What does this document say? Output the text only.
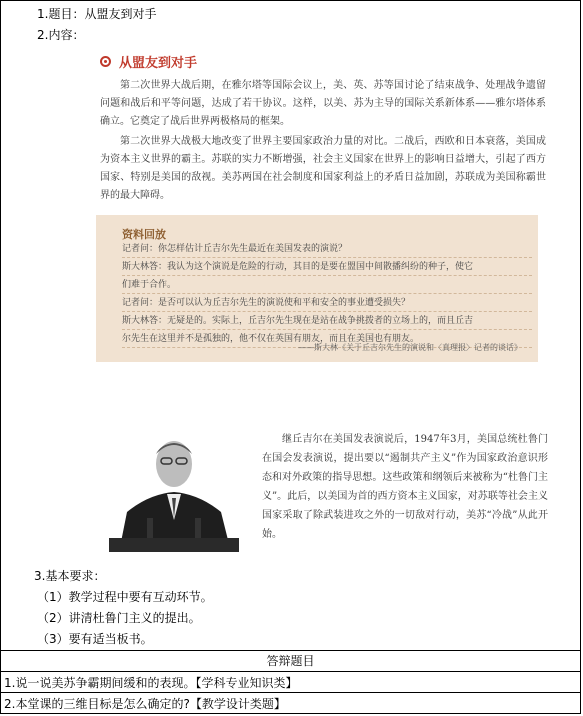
1.题目：从盟友到对手
2.内容：
从盟友到对手
第二次世界大战后期，在雅尔塔等国际会议上，美、英、苏等国讨论了结束战争、处理战争遗留问题和战后和平等问题，达成了若干协议。这样，以美、苏为主导的国际关系新体系——雅尔塔体系确立。它奠定了战后世界两极格局的框架。
第二次世界大战极大地改变了世界主要国家政治力量的对比。二战后，西欧和日本衰落，美国成为资本主义世界的霸主。苏联的实力不断增强，社会主义国家在世界上的影响日益增大，引起了西方国家、特别是美国的敌视。美苏两国在社会制度和国家利益上的矛盾日益加剧，苏联成为美国称霸世界的最大障碍。
资料回放
记者问：你怎样估计丘吉尔先生最近在美国发表的演说？
斯大林答：我认为这个演说是危险的行动，其目的是要在盟国中间散播纠纷的种子，使它
们难于合作。
记者问：是否可以认为丘吉尔先生的演说使和平和安全的事业遭受损失？
斯大林答：无疑是的。实际上，丘吉尔先生现在是站在战争挑拨者的立场上的，而且丘吉
尔先生在这里并不是孤独的，他不仅在英国有朋友，而且在美国也有朋友。
——斯大林《关于丘吉尔先生的演说和〈真理报〉记者的谈话》
继丘吉尔在美国发表演说后，1947年3月，美国总统杜鲁门在国会发表演说，提出要以“遏制共产主义”作为国家政治意识形态和对外政策的指导思想。这些政策和纲领后来被称为“杜鲁门主义”。此后，以美国为首的西方资本主义国家，对苏联等社会主义国家采取了除武装进攻之外的一切敌对行动，美苏“冷战”从此开始。
3.基本要求：
（1）教学过程中要有互动环节。
（2）讲清杜鲁门主义的提出。
（3）要有适当板书。
答辩题目
1.说一说美苏争霸期间缓和的表现。【学科专业知识类】
2.本堂课的三维目标是怎么确定的?【教学设计类题】
